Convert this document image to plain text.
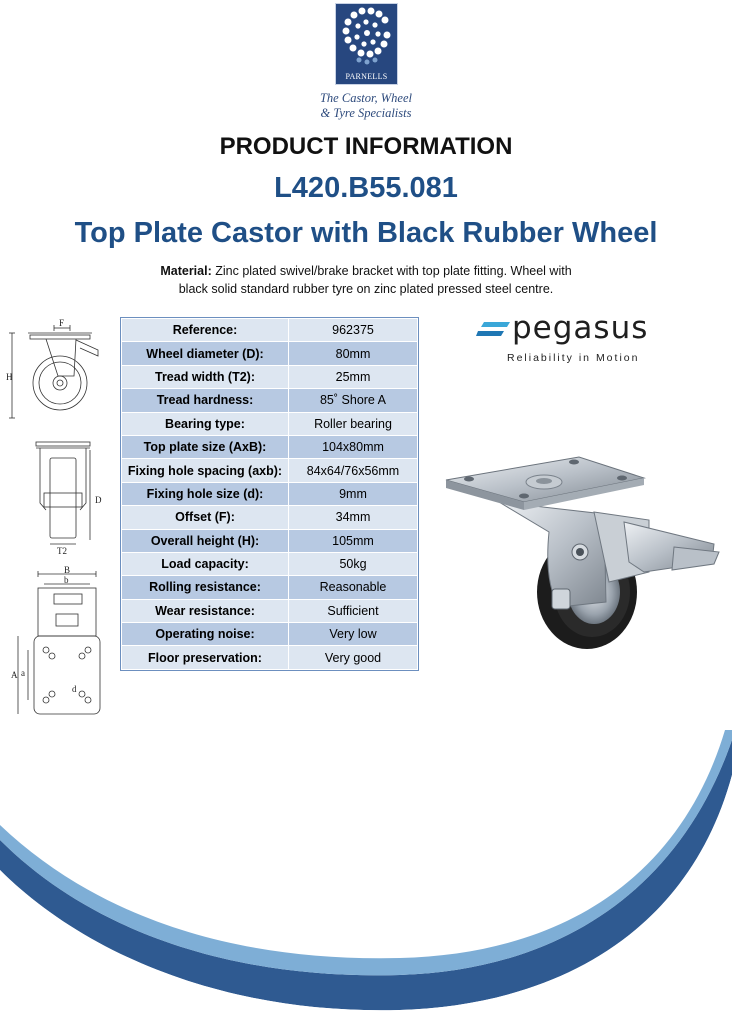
PARNELLS
The Castor, Wheel
& Tyre Specialists
PRODUCT INFORMATION
L420.B55.081
Top Plate Castor with Black Rubber Wheel
Material: Zinc plated swivel/brake bracket with top plate fitting. Wheel with
black solid standard rubber tyre on zinc plated pressed steel centre.
F
H
D
T2
B
b
A a
d
Reference:	962375
Wheel diameter (D):	80mm
Tread width (T2):	25mm
Tread hardness:	85˚ Shore A
Bearing type:	Roller bearing
Top plate size (AxB):	104x80mm
Fixing hole spacing (axb):	84x64/76x56mm
Fixing hole size (d):	9mm
Offset (F):	34mm
Overall height (H):	105mm
Load capacity:	50kg
Rolling resistance:	Reasonable
Wear resistance:	Sufficient
Operating noise:	Very low
Floor preservation:	Very good
pegasus
Reliability in Motion
